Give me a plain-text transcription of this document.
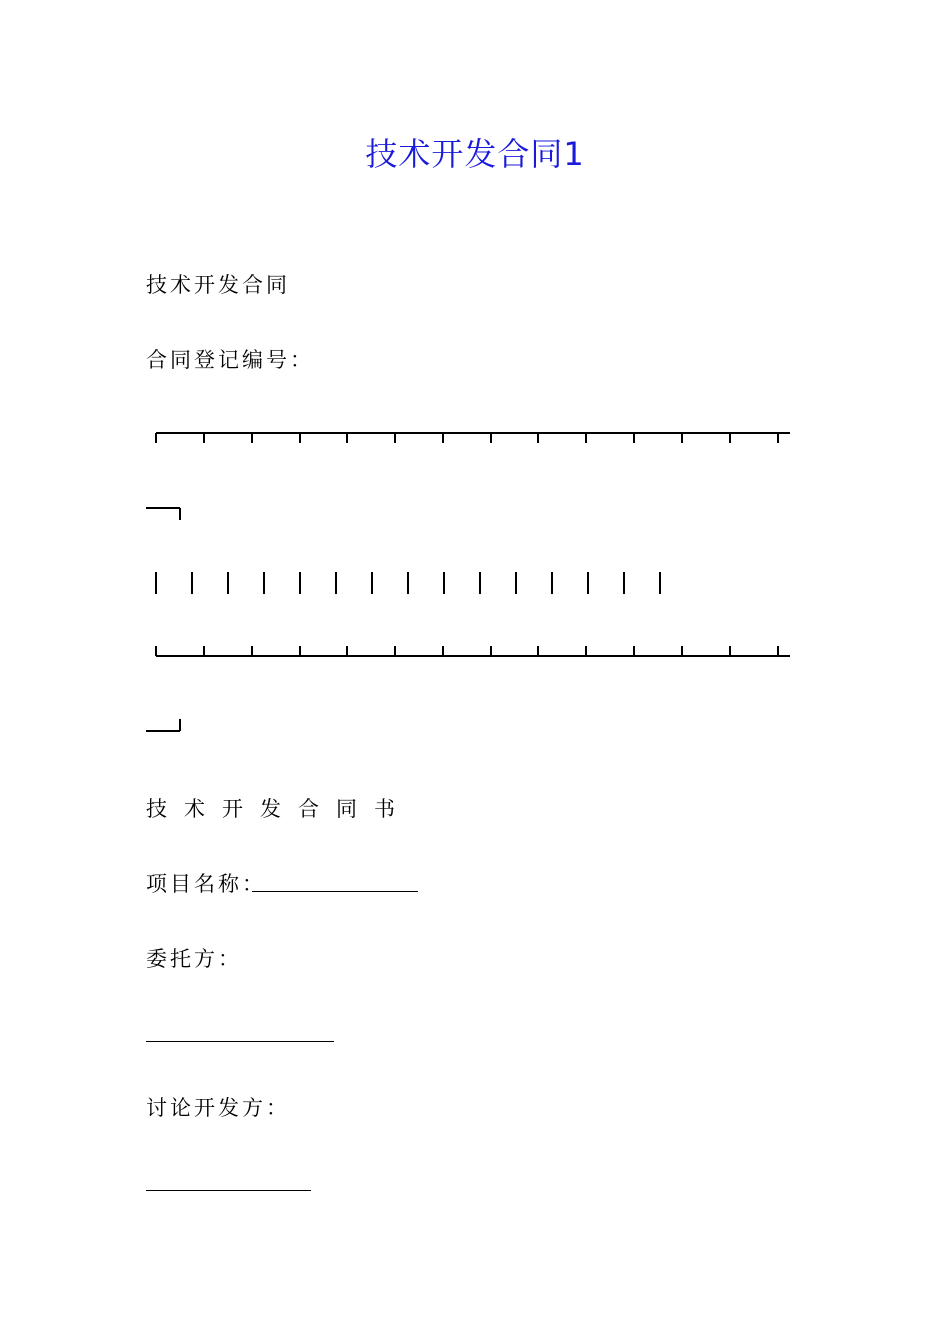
技术开发合同1
技术开发合同
合同登记编号：
技术开发合同书
项目名称：
委托方：
讨论开发方：
